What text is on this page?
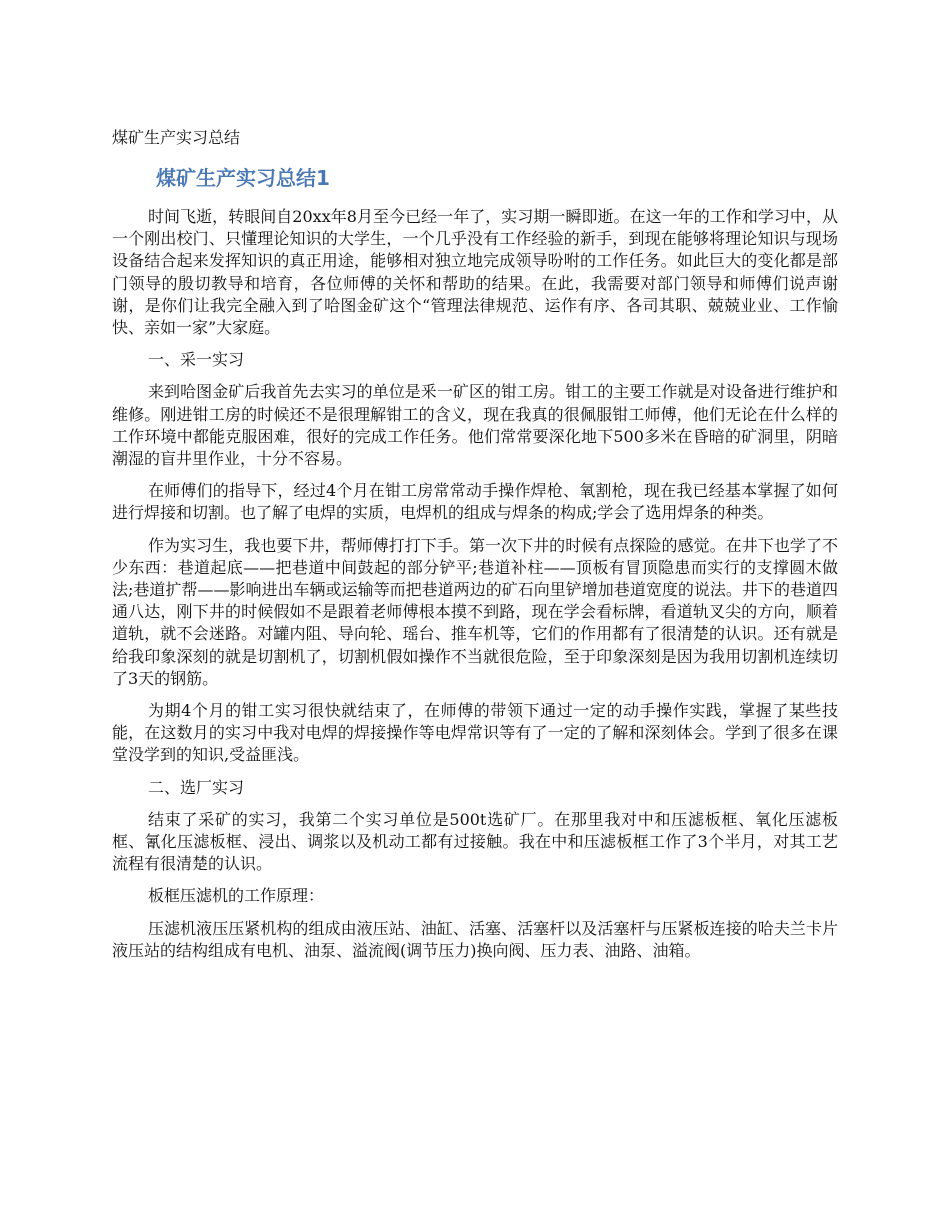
煤矿生产实习总结
煤矿生产实习总结1

时间飞逝，转眼间自20xx年8月至今已经一年了，实习期一瞬即逝。在这一年的工作和学习中，从一个刚出校门、只懂理论知识的大学生，一个几乎没有工作经验的新手，到现在能够将理论知识与现场设备结合起来发挥知识的真正用途，能够相对独立地完成领导吩咐的工作任务。如此巨大的变化都是部门领导的殷切教导和培育，各位师傅的关怀和帮助的结果。在此，我需要对部门领导和师傅们说声谢谢，是你们让我完全融入到了哈图金矿这个“管理法律规范、运作有序、各司其职、兢兢业业、工作愉快、亲如一家”大家庭。

一、采一实习

来到哈图金矿后我首先去实习的单位是釆一矿区的钳工房。钳工的主要工作就是对设备进行维护和维修。刚进钳工房的时候还不是很理解钳工的含义，现在我真的很佩服钳工师傅，他们无论在什么样的工作环境中都能克服困难，很好的完成工作任务。他们常常要深化地下500多米在昏暗的矿洞里，阴暗潮湿的盲井里作业，十分不容易。

在师傅们的指导下，经过4个月在钳工房常常动手操作焊枪、氧割枪，现在我已经基本掌握了如何进行焊接和切割。也了解了电焊的实质，电焊机的组成与焊条的构成;学会了选用焊条的种类。

作为实习生，我也要下井，帮师傅打打下手。第一次下井的时候有点探险的感觉。在井下也学了不少东西：巷道起底——把巷道中间鼓起的部分铲平;巷道补柱——顶板有冒顶隐患而实行的支撑圆木做法;巷道扩帮——影响进出车辆或运输等而把巷道两边的矿石向里铲增加巷道宽度的说法。井下的巷道四通八达，刚下井的时候假如不是跟着老师傅根本摸不到路，现在学会看标牌，看道轨叉尖的方向，顺着道轨，就不会迷路。对罐内阻、导向轮、瑶台、推车机等，它们的作用都有了很清楚的认识。还有就是给我印象深刻的就是切割机了，切割机假如操作不当就很危险，至于印象深刻是因为我用切割机连续切了3天的钢筋。

为期4个月的钳工实习很快就结束了，在师傅的带领下通过一定的动手操作实践，掌握了某些技能，在这数月的实习中我对电焊的焊接操作等电焊常识等有了一定的了解和深刻体会。学到了很多在课堂没学到的知识,受益匪浅。

二、选厂实习

结束了采矿的实习，我第二个实习单位是500t选矿厂。在那里我对中和压滤板框、氧化压滤板框、氰化压滤板框、浸出、调浆以及机动工都有过接触。我在中和压滤板框工作了3个半月，对其工艺流程有很清楚的认识。

板框压滤机的工作原理：

压滤机液压压紧机构的组成由液压站、油缸、活塞、活塞杆以及活塞杆与压紧板连接的哈夫兰卡片液压站的结构组成有电机、油泵、溢流阀(调节压力)换向阀、压力表、油路、油箱。
